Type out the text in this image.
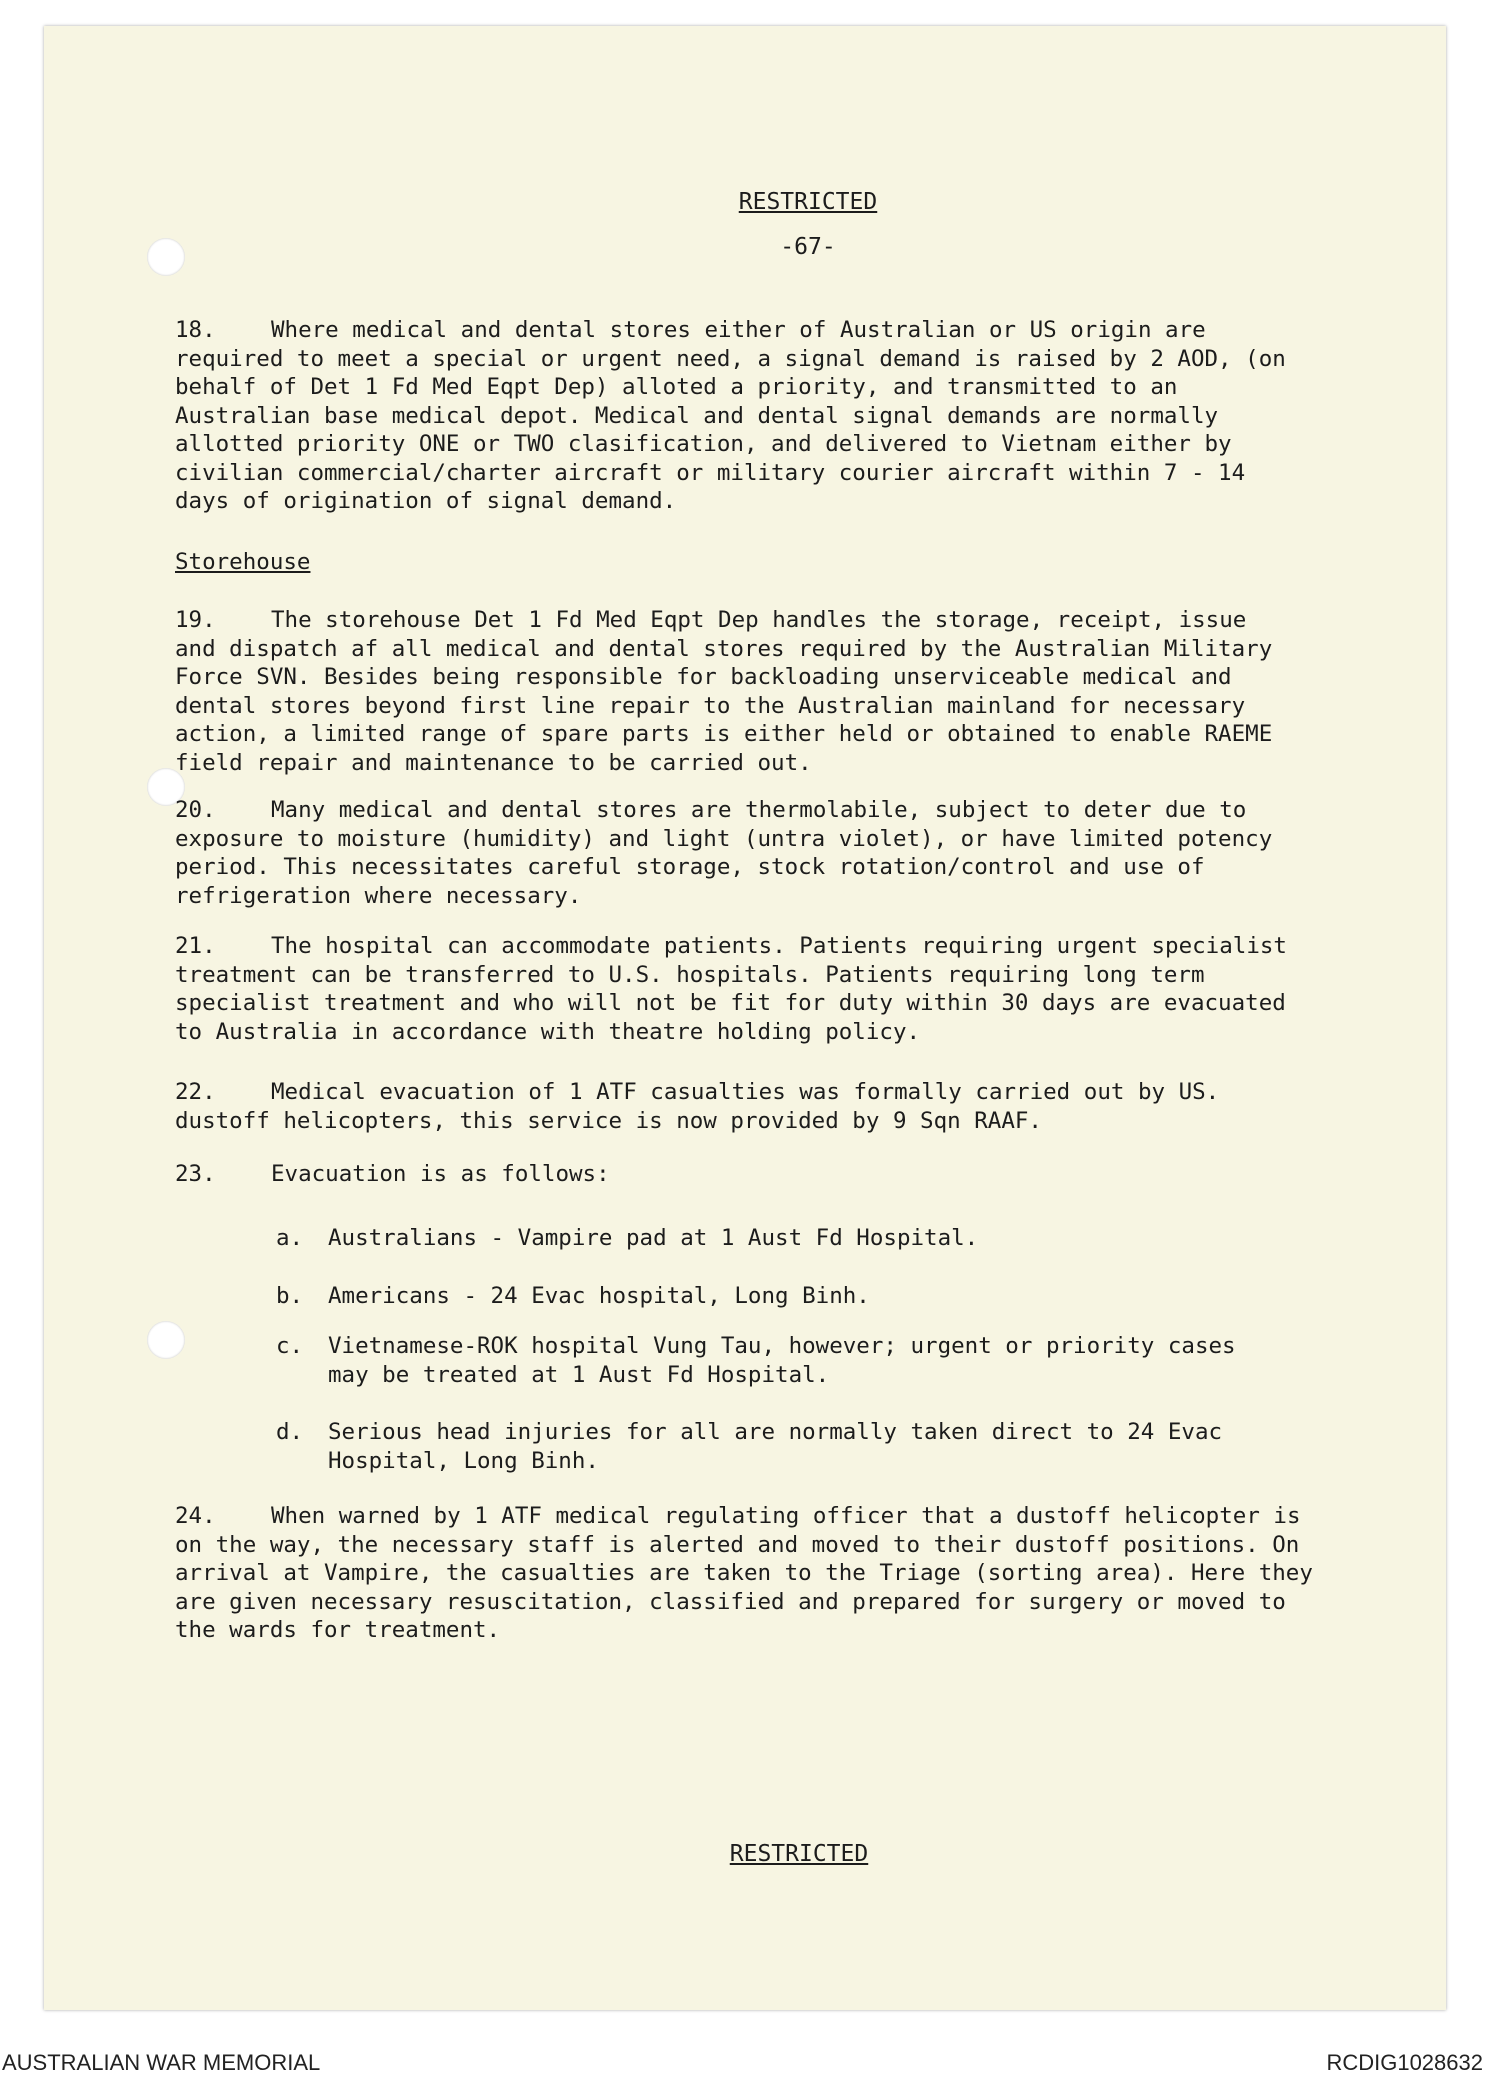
RESTRICTED
-67-

18. Where medical and dental stores either of Australian or US origin are required to meet a special or urgent need, a signal demand is raised by 2 AOD, (on behalf of Det 1 Fd Med Eqpt Dep) alloted a priority, and transmitted to an Australian base medical depot. Medical and dental signal demands are normally allotted priority ONE or TWO clasification, and delivered to Vietnam either by civilian commercial/charter aircraft or military courier aircraft within 7 - 14 days of origination of signal demand.

Storehouse

19. The storehouse Det 1 Fd Med Eqpt Dep handles the storage, receipt, issue and dispatch af all medical and dental stores required by the Australian Military Force SVN. Besides being responsible for backloading unserviceable medical and dental stores beyond first line repair to the Australian mainland for necessary action, a limited range of spare parts is either held or obtained to enable RAEME field repair and maintenance to be carried out.

20. Many medical and dental stores are thermolabile, subject to deter due to exposure to moisture (humidity) and light (untra violet), or have limited potency period. This necessitates careful storage, stock rotation/control and use of refrigeration where necessary.

21. The hospital can accommodate patients. Patients requiring urgent specialist treatment can be transferred to U.S. hospitals. Patients requiring long term specialist treatment and who will not be fit for duty within 30 days are evacuated to Australia in accordance with theatre holding policy.

22. Medical evacuation of 1 ATF casualties was formally carried out by US. dustoff helicopters, this service is now provided by 9 Sqn RAAF.

23. Evacuation is as follows:

a.	Australians - Vampire pad at 1 Aust Fd Hospital.
b.	Americans - 24 Evac hospital, Long Binh.
c.	Vietnamese-ROK hospital Vung Tau, however; urgent or priority cases may be treated at 1 Aust Fd Hospital.
d.	Serious head injuries for all are normally taken direct to 24 Evac Hospital, Long Binh.

24. When warned by 1 ATF medical regulating officer that a dustoff helicopter is on the way, the necessary staff is alerted and moved to their dustoff positions. On arrival at Vampire, the casualties are taken to the Triage (sorting area). Here they are given necessary resuscitation, classified and prepared for surgery or moved to the wards for treatment.

RESTRICTED
AUSTRALIAN WAR MEMORIAL	RCDIG1028632
